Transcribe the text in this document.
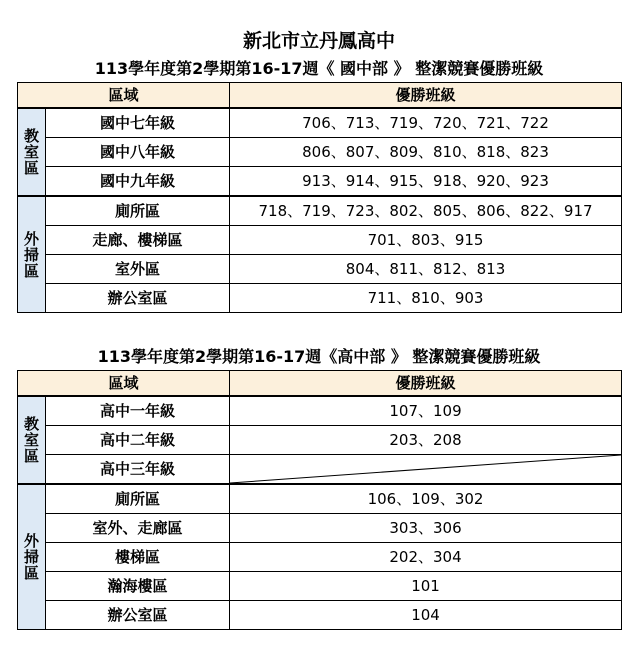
新北市立丹鳳高中
113學年度第2學期第16-17週《 國中部 》 整潔競賽優勝班級
區域		優勝班級

教
室
區	國中七年級	706、713、719、720、721、722
	國中八年級	806、807、809、810、818、823
	國中九年級	913、914、915、918、920、923

外
掃
區	廁所區	718、719、723、802、805、806、822、917
	走廊、樓梯區	701、803、915
	室外區	804、811、812、813
	辦公室區	711、810、903
113學年度第2學期第16-17週《高中部 》 整潔競賽優勝班級
區域		優勝班級

教
室
區	高中一年級	107、109
	高中二年級	203、208
	高中三年級	

外
掃
區	廁所區	106、109、302
	室外、走廊區	303、306
	樓梯區	202、304
	瀚海樓區	101
	辦公室區	104
